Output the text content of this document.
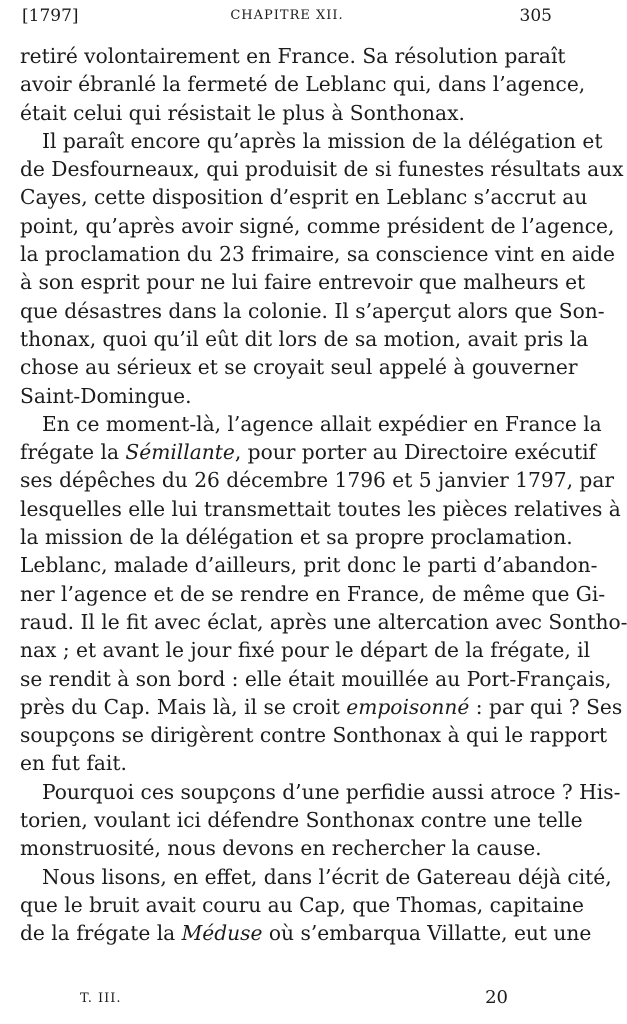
[1797]	CHAPITRE XII.	305
retiré volontairement en France. Sa résolution paraît
avoir ébranlé la fermeté de Leblanc qui, dans l’agence,
était celui qui résistait le plus à Sonthonax.
Il paraît encore qu’après la mission de la délégation et
de Desfourneaux, qui produisit de si funestes résultats aux
Cayes, cette disposition d’esprit en Leblanc s’accrut au
point, qu’après avoir signé, comme président de l’agence,
la proclamation du 23 frimaire, sa conscience vint en aide
à son esprit pour ne lui faire entrevoir que malheurs et
que désastres dans la colonie. Il s’aperçut alors que Son-
thonax, quoi qu’il eût dit lors de sa motion, avait pris la
chose au sérieux et se croyait seul appelé à gouverner
Saint-Domingue.
En ce moment-là, l’agence allait expédier en France la
frégate la Sémillante, pour porter au Directoire exécutif
ses dépêches du 26 décembre 1796 et 5 janvier 1797, par
lesquelles elle lui transmettait toutes les pièces relatives à
la mission de la délégation et sa propre proclamation.
Leblanc, malade d’ailleurs, prit donc le parti d’abandon-
ner l’agence et de se rendre en France, de même que Gi-
raud. Il le fit avec éclat, après une altercation avec Sontho-
nax ; et avant le jour fixé pour le départ de la frégate, il
se rendit à son bord : elle était mouillée au Port-Français,
près du Cap. Mais là, il se croit empoisonné : par qui ? Ses
soupçons se dirigèrent contre Sonthonax à qui le rapport
en fut fait.
Pourquoi ces soupçons d’une perfidie aussi atroce ? His-
torien, voulant ici défendre Sonthonax contre une telle
monstruosité, nous devons en rechercher la cause.
Nous lisons, en effet, dans l’écrit de Gatereau déjà cité,
que le bruit avait couru au Cap, que Thomas, capitaine
de la frégate la Méduse où s’embarqua Villatte, eut une
T. III.	20
